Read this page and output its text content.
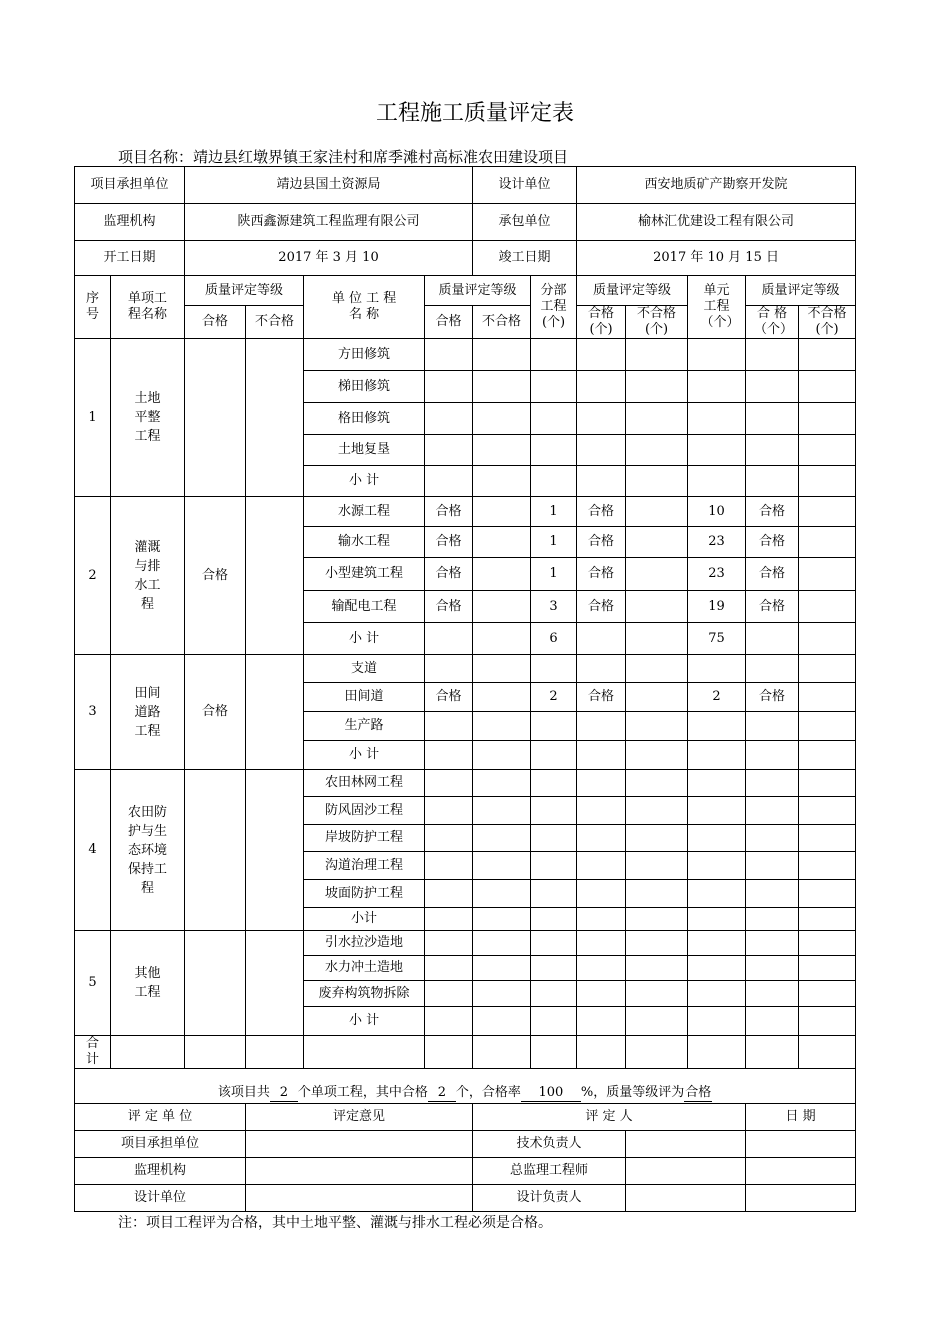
工程施工质量评定表
项目名称：靖边县红墩界镇王家洼村和席季滩村高标准农田建设项目
项目承担单位		靖边县国土资源局				设计单位		西安地质矿产勘察开发院				
监理机构		陕西鑫源建筑工程监理有限公司				承包单位		榆林汇优建设工程有限公司				
开工日期		2017 年 3 月 10				竣工日期		2017 年 10 月 15 日				

序号	单项工程名称	质量评定等级		单 位 工 程 名 称	质量评定等级		分部工程(个)	质量评定等级		单元工程（个）	质量评定等级	
		合格	不合格		合格	不合格		合格(个)	不合格(个)		合 格（个）	不合格(个)

1	土地平整工程			方田修筑								
				梯田修筑								
				格田修筑								
				土地复垦								
				小 计								
2	灌溉与排水工程	合格		水源工程	合格		1	合格		10	合格	
				输水工程	合格		1	合格		23	合格	
				小型建筑工程	合格		1	合格		23	合格	
				输配电工程	合格		3	合格		19	合格	
				小 计			6			75		
3	田间道路工程	合格		支道								
				田间道	合格		2	合格		2	合格	
				生产路								
				小 计								
4	农田防护与生态环境保持工程			农田林网工程								
				防风固沙工程								
				岸坡防护工程								
				沟道治理工程								
				坡面防护工程								
				小计								
5	其他工程			引水拉沙造地								
				水力冲土造地								
				废弃构筑物拆除								
				小 计								

合计												

该项目共 2 个单项工程，其中合格 2 个，合格率 100 %，质量等级评为合格												

评 定 单 位			评定意见			评 定 人					日 期	
项目承担单位						技术负责人						
监理机构						总监理工程师						
设计单位						设计负责人						
注：项目工程评为合格，其中土地平整、灌溉与排水工程必须是合格。
